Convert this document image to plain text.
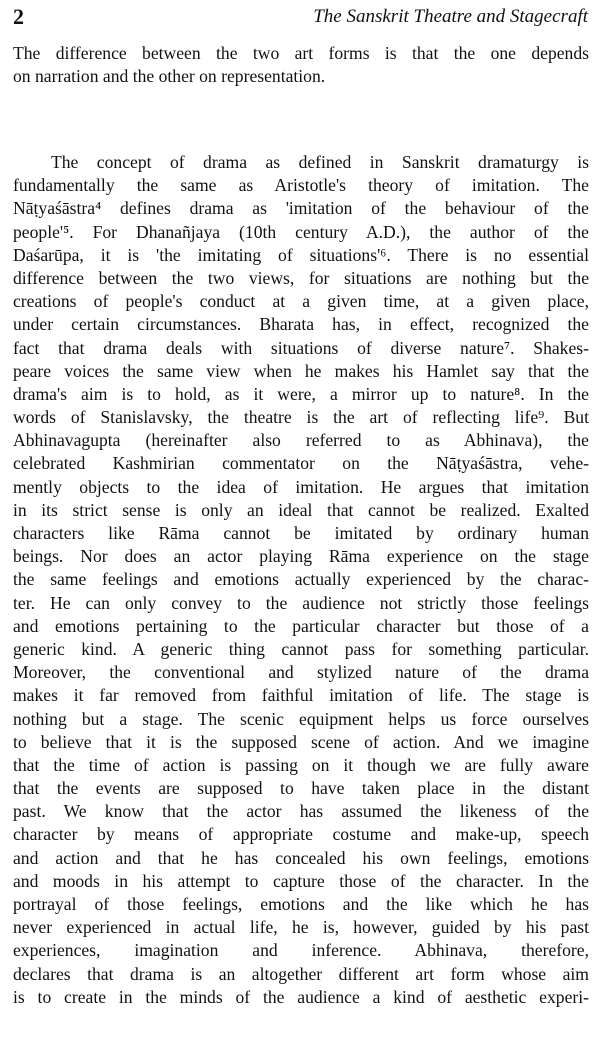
2	The Sanskrit Theatre and Stagecraft
The difference between the two art forms is that the one depends
on narration and the other on representation.
The concept of drama as defined in Sanskrit dramaturgy is
fundamentally the same as Aristotle's theory of imitation. The
Nāṭyaśāstra⁴ defines drama as 'imitation of the behaviour of the
people'⁵. For Dhanañjaya (10th century A.D.), the author of the
Daśarūpa, it is 'the imitating of situations'⁶. There is no essential
difference between the two views, for situations are nothing but the
creations of people's conduct at a given time, at a given place,
under certain circumstances. Bharata has, in effect, recognized the
fact that drama deals with situations of diverse nature⁷. Shakes-
peare voices the same view when he makes his Hamlet say that the
drama's aim is to hold, as it were, a mirror up to nature⁸. In the
words of Stanislavsky, the theatre is the art of reflecting life⁹. But
Abhinavagupta (hereinafter also referred to as Abhinava), the
celebrated Kashmirian commentator on the Nāṭyaśāstra, vehe-
mently objects to the idea of imitation. He argues that imitation
in its strict sense is only an ideal that cannot be realized. Exalted
characters like Rāma cannot be imitated by ordinary human
beings. Nor does an actor playing Rāma experience on the stage
the same feelings and emotions actually experienced by the charac-
ter. He can only convey to the audience not strictly those feelings
and emotions pertaining to the particular character but those of a
generic kind. A generic thing cannot pass for something particular.
Moreover, the conventional and stylized nature of the drama
makes it far removed from faithful imitation of life. The stage is
nothing but a stage. The scenic equipment helps us force ourselves
to believe that it is the supposed scene of action. And we imagine
that the time of action is passing on it though we are fully aware
that the events are supposed to have taken place in the distant
past. We know that the actor has assumed the likeness of the
character by means of appropriate costume and make-up, speech
and action and that he has concealed his own feelings, emotions
and moods in his attempt to capture those of the character. In the
portrayal of those feelings, emotions and the like which he has
never experienced in actual life, he is, however, guided by his past
experiences, imagination and inference. Abhinava, therefore,
declares that drama is an altogether different art form whose aim
is to create in the minds of the audience a kind of aesthetic experi-
